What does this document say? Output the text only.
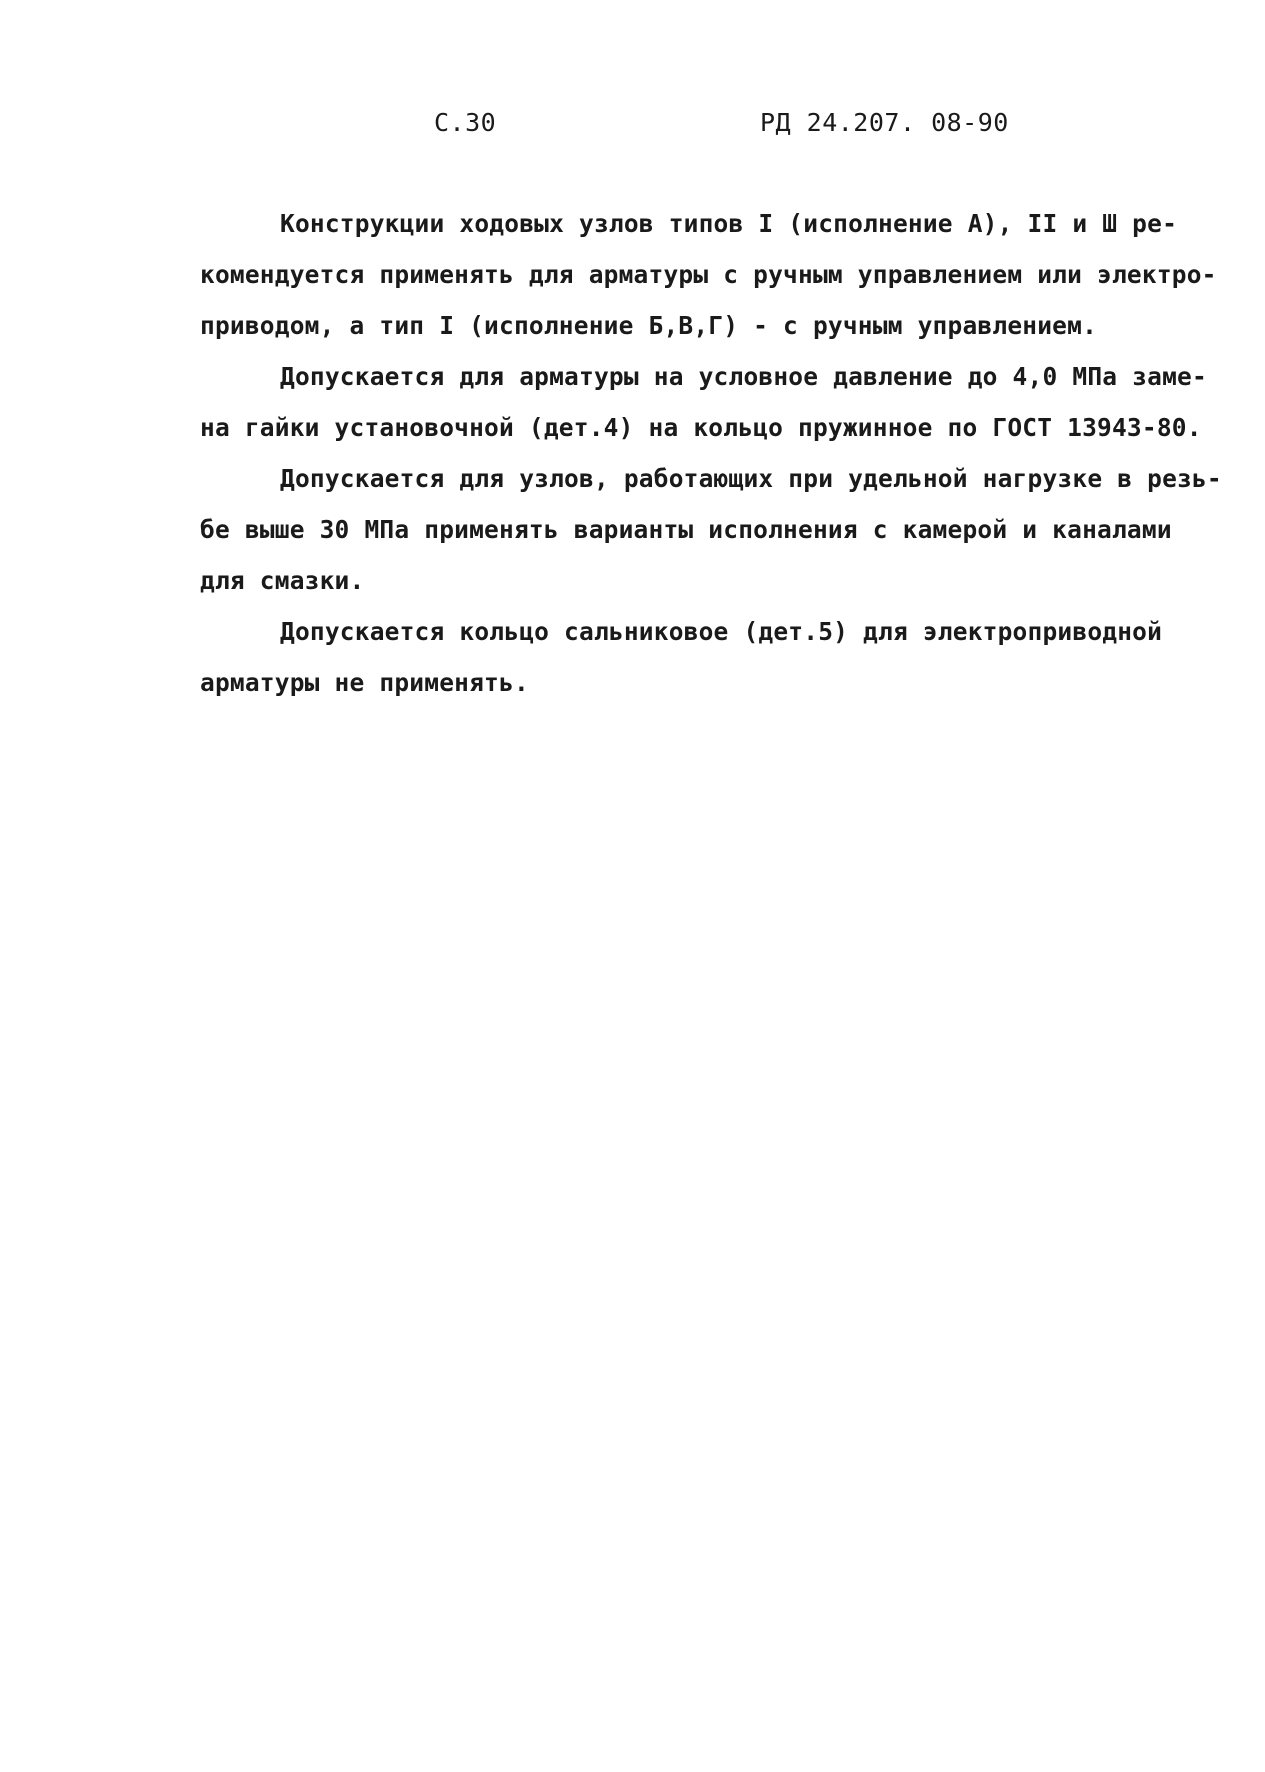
С.30	РД 24.207. 08-90
Конструкции ходовых узлов типов I (исполнение А), II и Ш ре-
комендуется применять для арматуры с ручным управлением или электро-
приводом, а тип I (исполнение Б,В,Г) - с ручным управлением.
Допускается для арматуры на условное давление до 4,0 МПа заме-
на гайки установочной (дет.4) на кольцо пружинное по ГОСТ 13943-80.
Допускается для узлов, работающих при удельной нагрузке в резь-
бе выше 30 МПа применять варианты исполнения с камерой и каналами
для смазки.
Допускается кольцо сальниковое (дет.5) для электроприводной
арматуры не применять.
